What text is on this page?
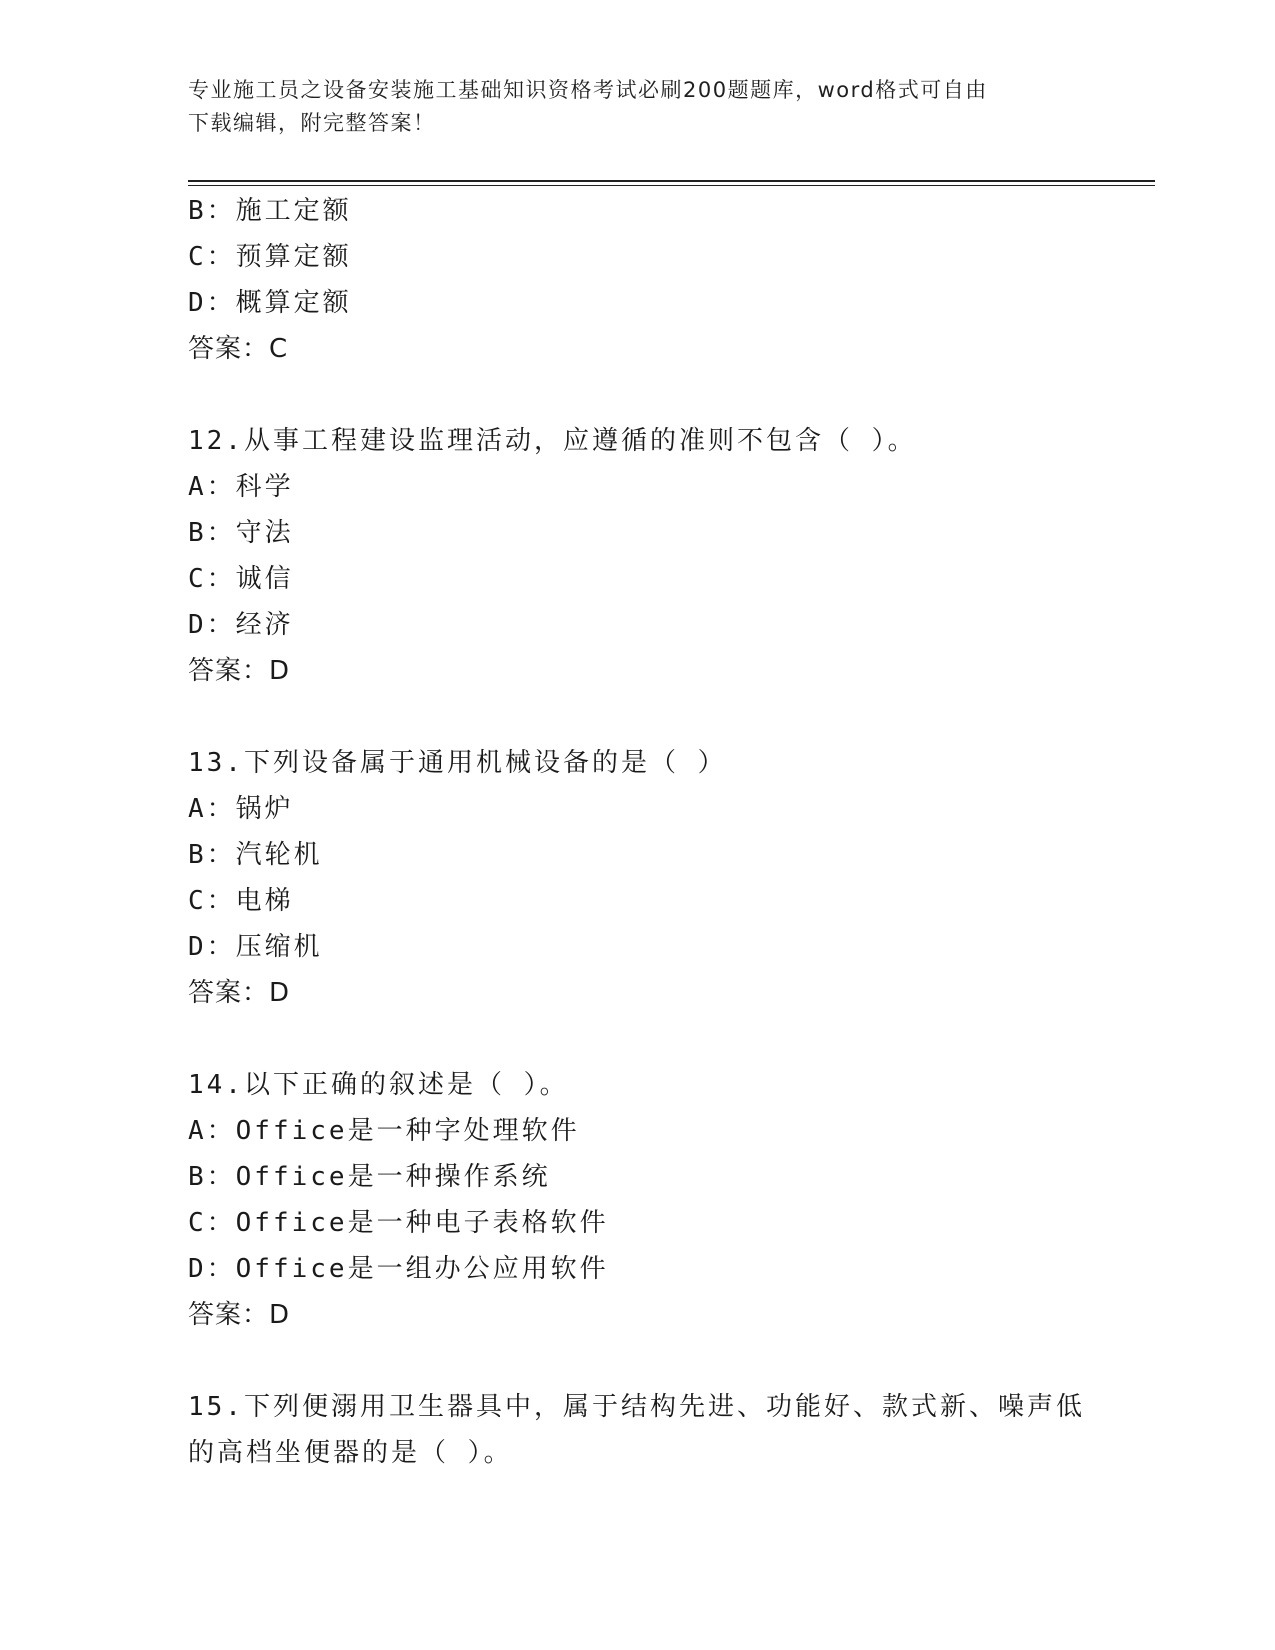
专业施工员之设备安装施工基础知识资格考试必刷200题题库，word格式可自由
下载编辑，附完整答案！
B：施工定额
C：预算定额
D：概算定额
答案：C
12.从事工程建设监理活动，应遵循的准则不包含（ ）。
A：科学
B：守法
C：诚信
D：经济
答案：D
13.下列设备属于通用机械设备的是（ ）
A：锅炉
B：汽轮机
C：电梯
D：压缩机
答案：D
14.以下正确的叙述是（ ）。
A：Office是一种字处理软件
B：Office是一种操作系统
C：Office是一种电子表格软件
D：Office是一组办公应用软件
答案：D
15.下列便溺用卫生器具中，属于结构先进、功能好、款式新、噪声低
的高档坐便器的是（ ）。
